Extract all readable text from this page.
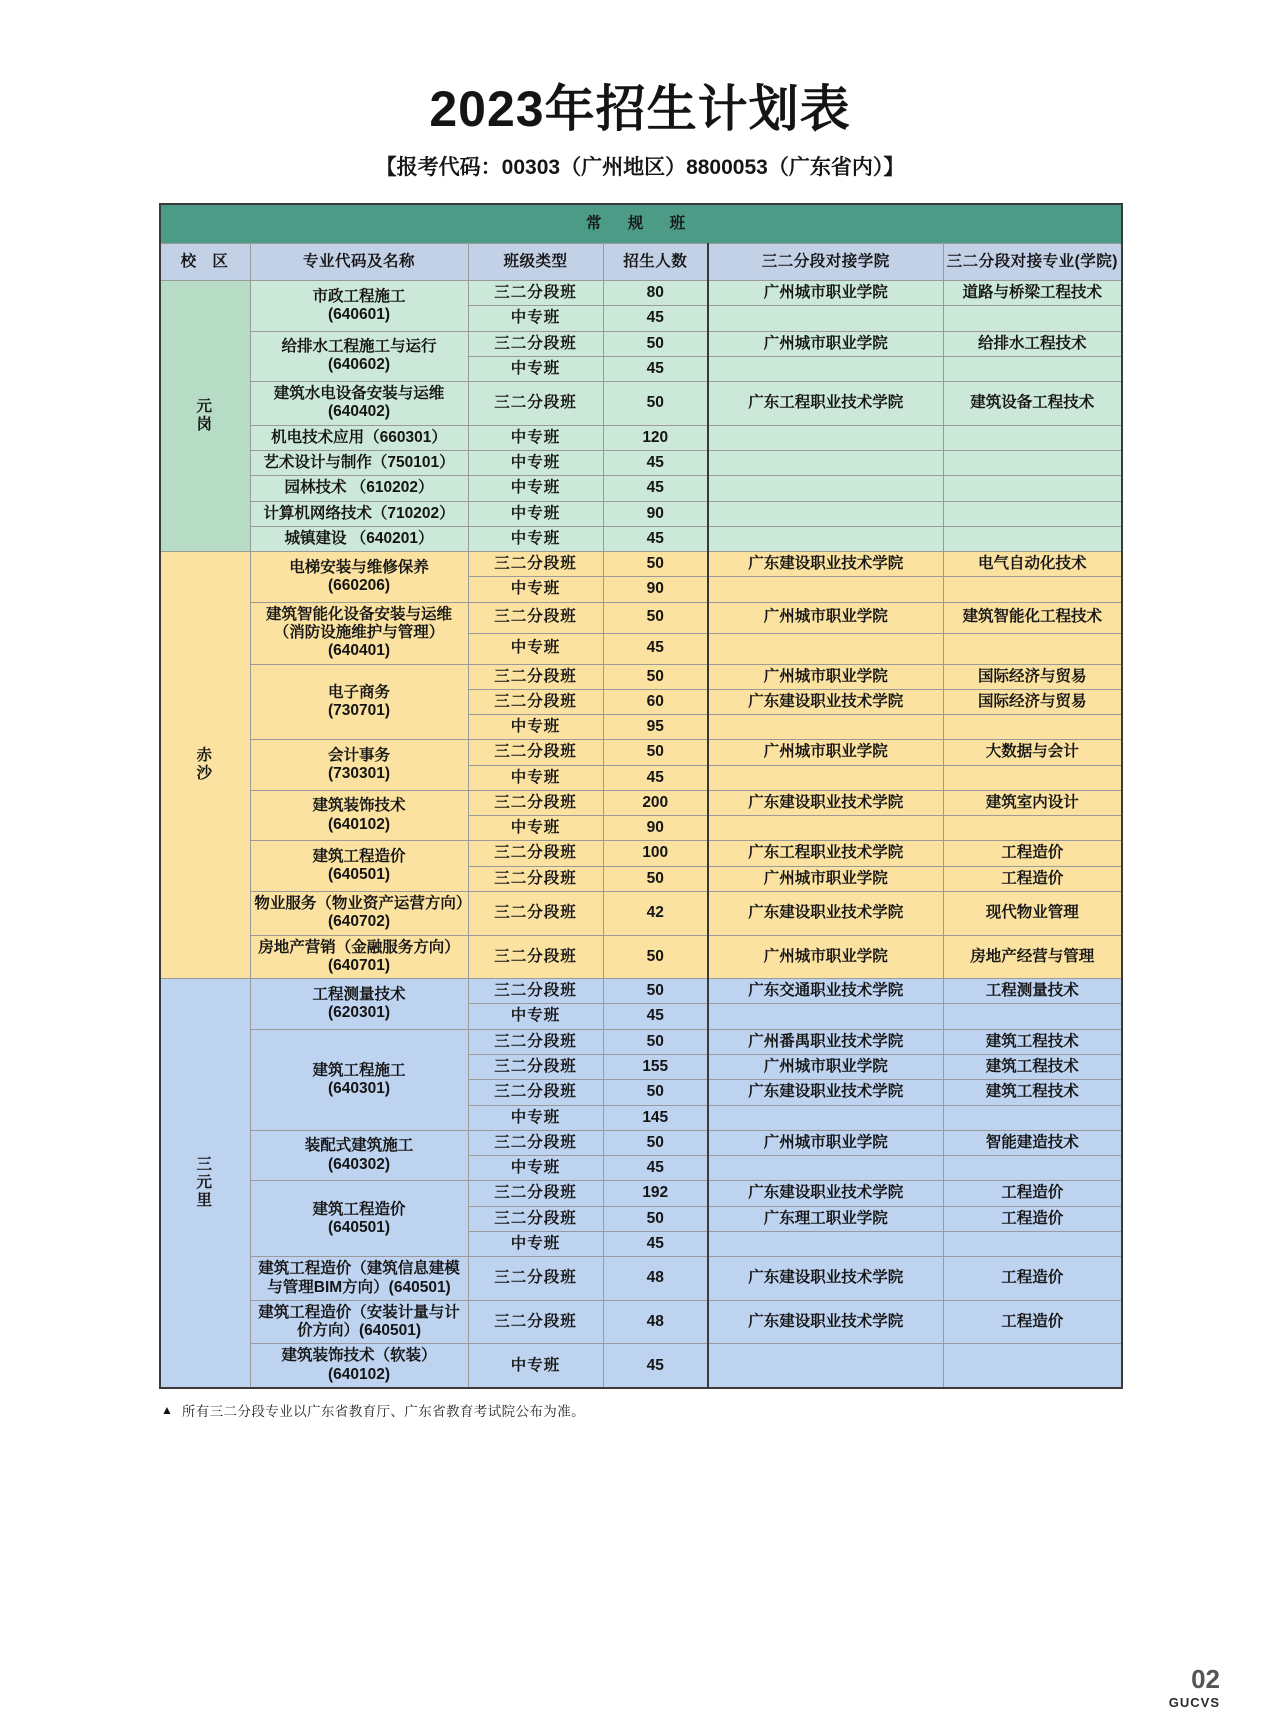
2023年招生计划表
【报考代码：00303（广州地区）8800053（广东省内）】
常 规 班					
校 区	专业代码及名称	班级类型	招生人数	三二分段对接学院	三二分段对接专业(学院)

元
岗	市政工程施工
(640601)	三二分段班	80	广州城市职业学院	道路与桥梁工程技术
		中专班	45		
	给排水工程施工与运行
(640602)	三二分段班	50	广州城市职业学院	给排水工程技术
		中专班	45		
	建筑水电设备安装与运维
(640402)	三二分段班	50	广东工程职业技术学院	建筑设备工程技术
	机电技术应用（660301）	中专班	120		
	艺术设计与制作（750101）	中专班	45		
	园林技术 （610202）	中专班	45		
	计算机网络技术（710202）	中专班	90		
	城镇建设 （640201）	中专班	45		

赤
沙	电梯安装与维修保养
(660206)	三二分段班	50	广东建设职业技术学院	电气自动化技术
		中专班	90		
	建筑智能化设备安装与运维（消防设施维护与管理）(640401)	三二分段班	50	广州城市职业学院	建筑智能化工程技术
		中专班	45		
	电子商务
(730701)	三二分段班	50	广州城市职业学院	国际经济与贸易
		三二分段班	60	广东建设职业技术学院	国际经济与贸易
		中专班	95		
	会计事务
(730301)	三二分段班	50	广州城市职业学院	大数据与会计
		中专班	45		
	建筑装饰技术
(640102)	三二分段班	200	广东建设职业技术学院	建筑室内设计
		中专班	90		
	建筑工程造价
(640501)	三二分段班	100	广东工程职业技术学院	工程造价
		三二分段班	50	广州城市职业学院	工程造价
	物业服务（物业资产运营方向）(640702)	三二分段班	42	广东建设职业技术学院	现代物业管理
	房地产营销（金融服务方向）(640701)	三二分段班	50	广州城市职业学院	房地产经营与管理

三
元
里	工程测量技术
(620301)	三二分段班	50	广东交通职业技术学院	工程测量技术
		中专班	45		
	建筑工程施工
(640301)	三二分段班	50	广州番禺职业技术学院	建筑工程技术
		三二分段班	155	广州城市职业学院	建筑工程技术
		三二分段班	50	广东建设职业技术学院	建筑工程技术
		中专班	145		
	装配式建筑施工
(640302)	三二分段班	50	广州城市职业学院	智能建造技术
		中专班	45		
	建筑工程造价
(640501)	三二分段班	192	广东建设职业技术学院	工程造价
		三二分段班	50	广东理工职业学院	工程造价
		中专班	45		
	建筑工程造价（建筑信息建模与管理BIM方向）(640501)	三二分段班	48	广东建设职业技术学院	工程造价
	建筑工程造价（安装计量与计价方向）(640501)	三二分段班	48	广东建设职业技术学院	工程造价
	建筑装饰技术（软装）(640102)	中专班	45		
▲ 所有三二分段专业以广东省教育厅、广东省教育考试院公布为准。
02
GUCVS
